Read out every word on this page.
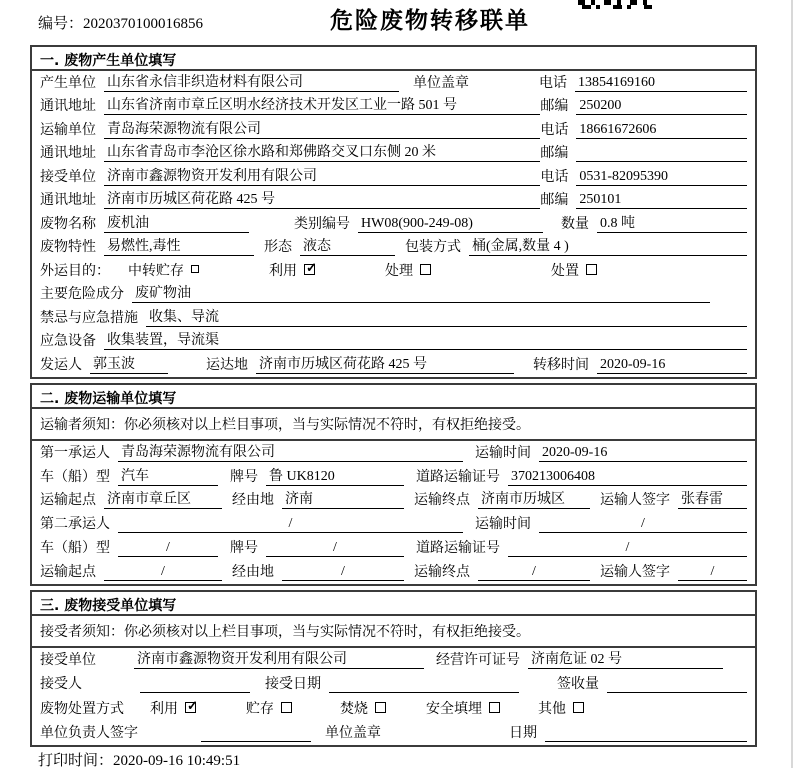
编号：2020370100016856	危险废物转移联单
一. 废物产生单位填写
产生单位 山东省永信非织造材料有限公司	单位盖章	电话 13854169160
通讯地址 山东省济南市章丘区明水经济技术开发区工业一路 501 号	邮编 250200
运输单位 青岛海荣源物流有限公司	电话 18661672606
通讯地址 山东省青岛市李沧区徐水路和郑佛路交叉口东侧 20 米	邮编
接受单位 济南市鑫源物资开发利用有限公司	电话 0531-82095390
通讯地址 济南市历城区荷花路 425 号	邮编 250101
废物名称 废机油	类别编号 HW08(900-249-08)	数量 0.8 吨
废物特性 易燃性,毒性	形态 液态	包装方式 桶(金属,数量 4 )
外运目的： 中转贮存	利用 ✓	处理	处置
主要危险成分 废矿物油
禁忌与应急措施 收集、导流
应急设备 收集装置，导流渠
发运人 郭玉波	运达地 济南市历城区荷花路 425 号	转移时间 2020-09-16
二. 废物运输单位填写
运输者须知：你必须核对以上栏目事项，当与实际情况不符时，有权拒绝接受。
第一承运人 青岛海荣源物流有限公司	运输时间 2020-09-16
车（船）型 汽车	牌号 鲁 UK8120	道路运输证号 370213006408
运输起点 济南市章丘区	经由地 济南	运输终点 济南市历城区	运输人签字 张春雷
第二承运人	/	运输时间	/
车（船）型	/	牌号	/	道路运输证号	/
运输起点	/	经由地	/	运输终点	/	运输人签字	/
三. 废物接受单位填写
接受者须知：你必须核对以上栏目事项，当与实际情况不符时，有权拒绝接受。
接受单位	济南市鑫源物资开发利用有限公司	经营许可证号 济南危证 02 号
接受人	接受日期	签收量
废物处置方式 利用 ✓	贮存	焚烧	安全填埋	其他
单位负责人签字	单位盖章	日期
打印时间：2020-09-16 10:49:51
